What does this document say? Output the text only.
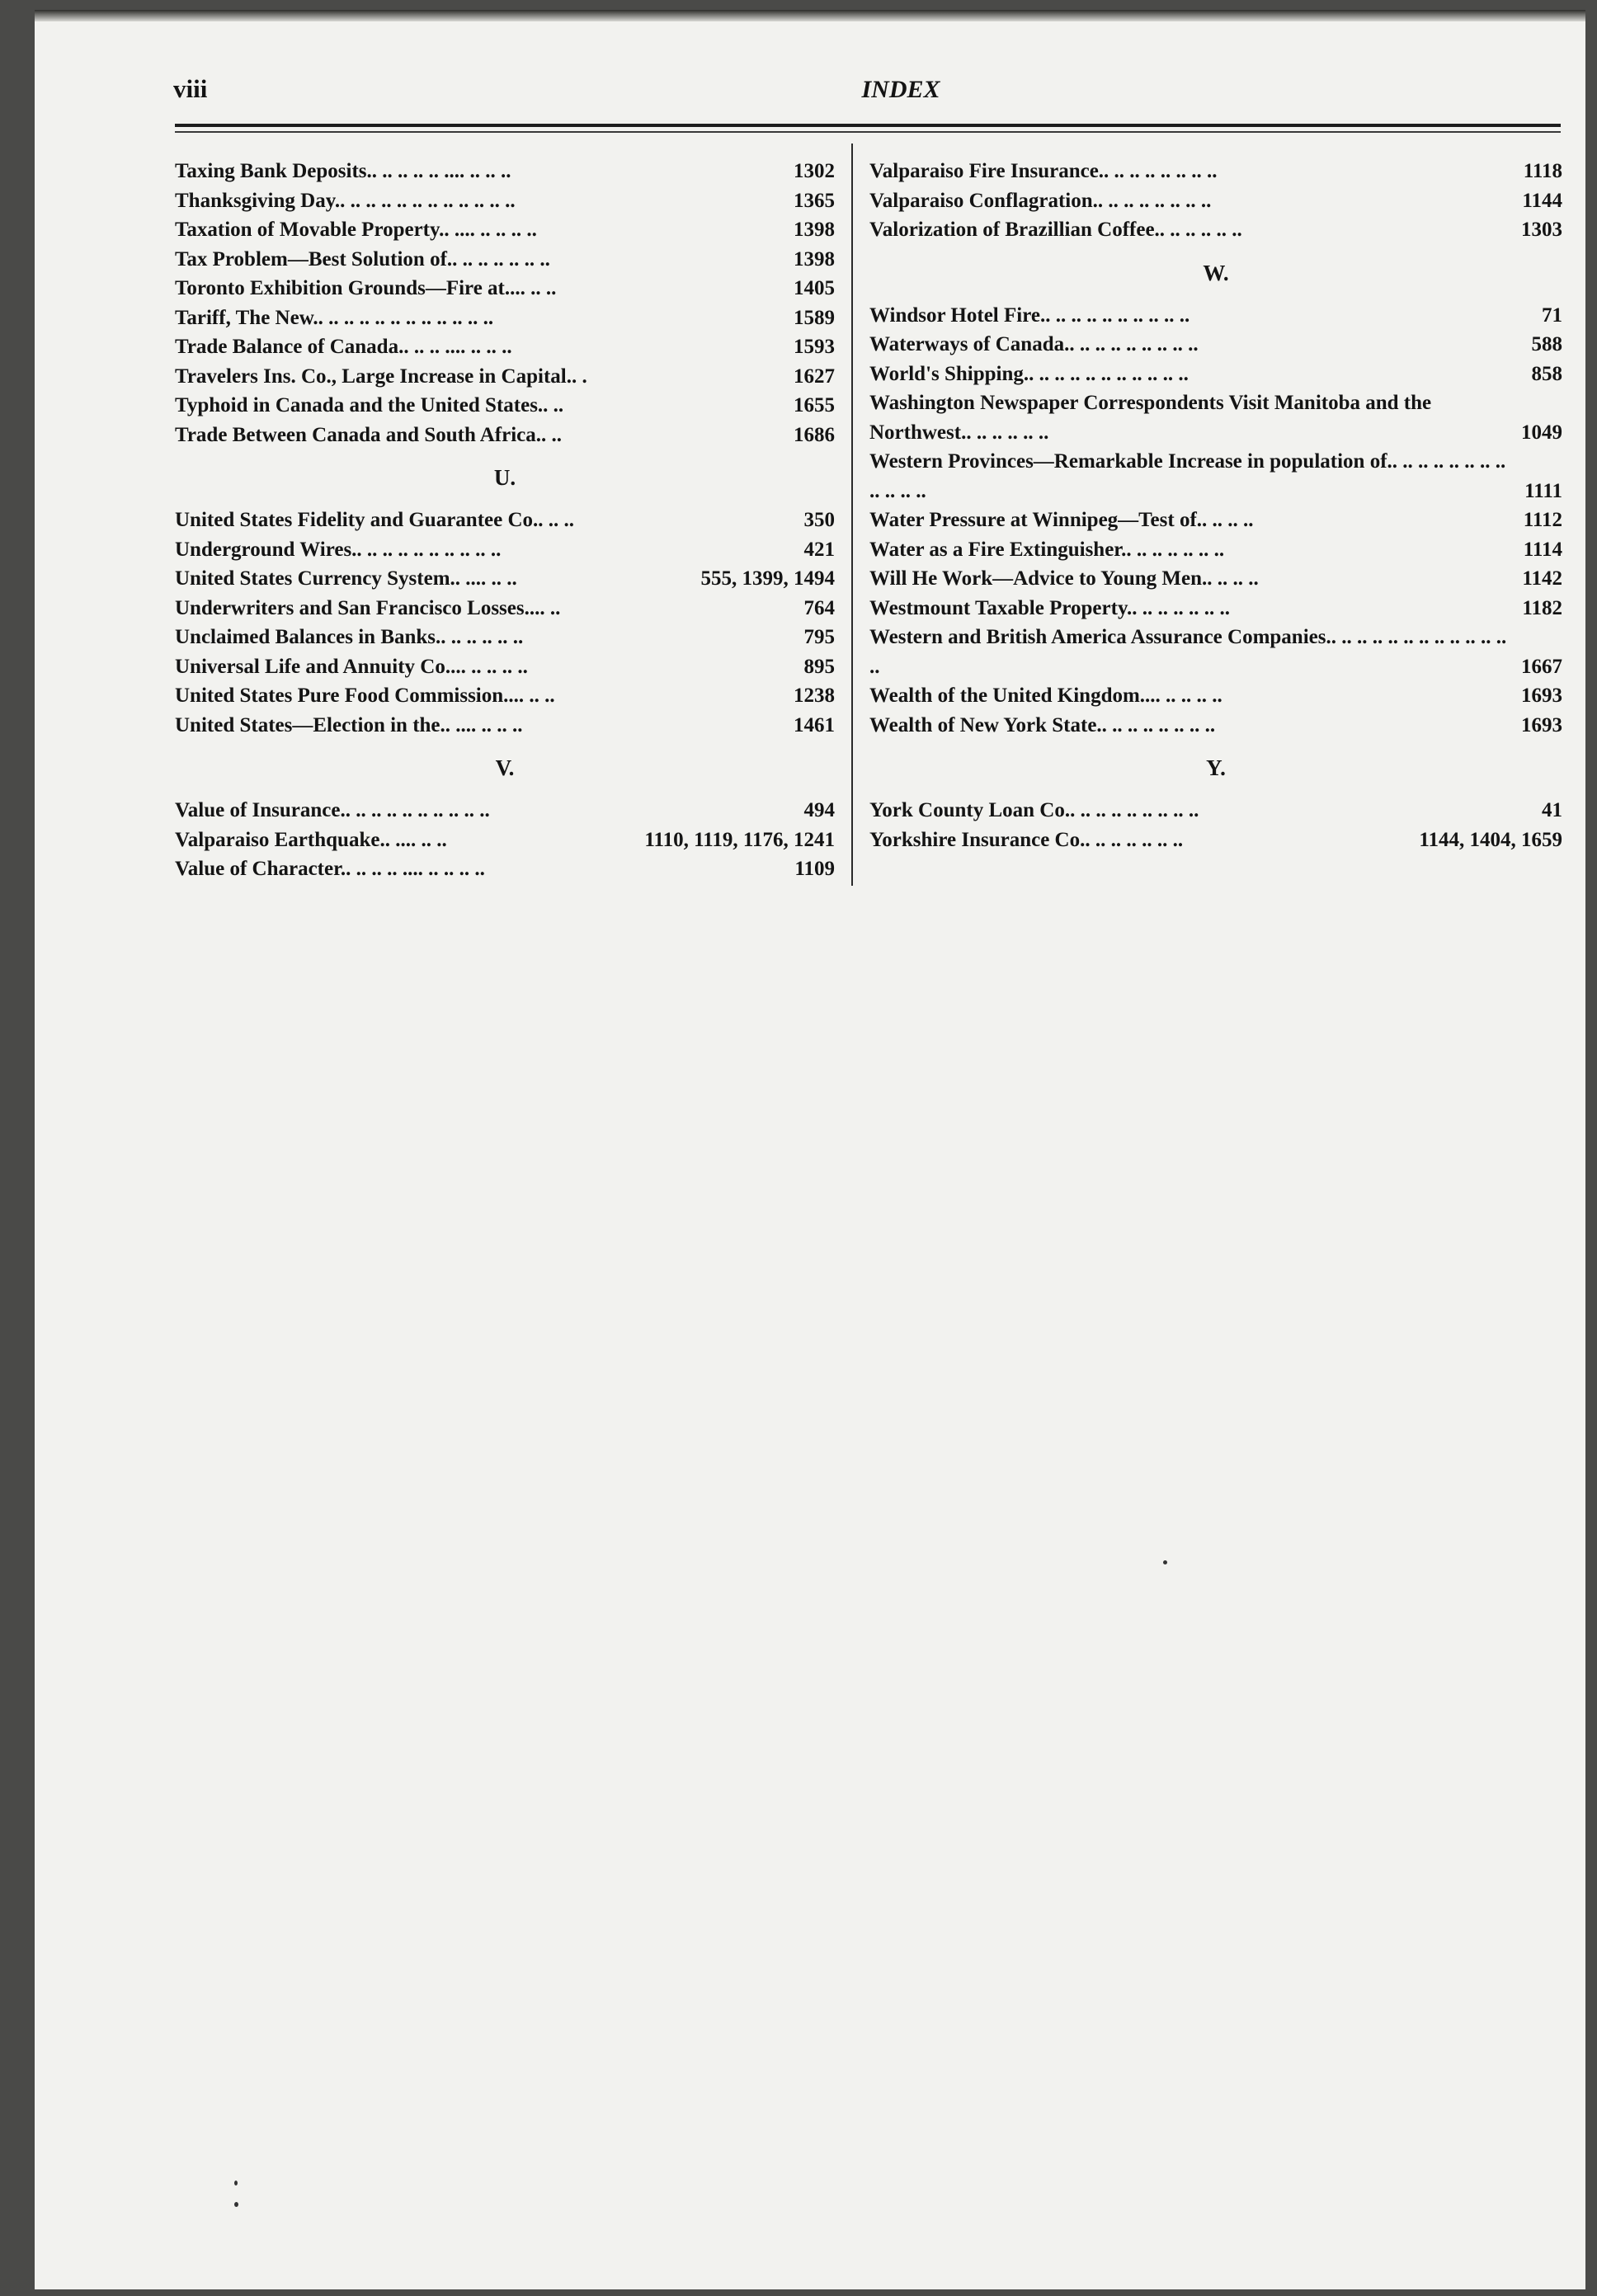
viii	INDEX
Taxing Bank Deposits.. .. .. .. .. .... .. .. ..	1302
Thanksgiving Day.. .. .. .. .. .. .. .. .. .. .. ..	1365
Taxation of Movable Property.. .... .. .. .. ..	1398
Tax Problem—Best Solution of.. .. .. .. .. .. ..	1398
Toronto Exhibition Grounds—Fire at.... .. ..	1405
Tariff, The New.. .. .. .. .. .. .. .. .. .. .. ..	1589
Trade Balance of Canada.. .. .. .... .. .. ..	1593
Travelers Ins. Co., Large Increase in Capital.. .	1627
Typhoid in Canada and the United States.. ..	1655
Trade Between Canada and South Africa.. ..	1686
U.
United States Fidelity and Guarantee Co.. .. ..	350
Underground Wires.. .. .. .. .. .. .. .. .. ..	421
United States Currency System.. .... .. ..	555, 1399, 1494
Underwriters and San Francisco Losses.... ..	764
Unclaimed Balances in Banks.. .. .. .. .. ..	795
Universal Life and Annuity Co.... .. .. .. ..	895
United States Pure Food Commission.... .. ..	1238
United States—Election in the.. .... .. .. ..	1461
V.
Value of Insurance.. .. .. .. .. .. .. .. .. ..	494
Valparaiso Earthquake.. .... .. ..	1110, 1119, 1176, 1241
Value of Character.. .. .. .. .... .. .. .. ..	1109
Valparaiso Fire Insurance.. .. .. .. .. .. .. ..	1118
Valparaiso Conflagration.. .. .. .. .. .. .. ..	1144
Valorization of Brazillian Coffee.. .. .. .. .. ..	1303
W.
Windsor Hotel Fire.. .. .. .. .. .. .. .. .. ..	71
Waterways of Canada.. .. .. .. .. .. .. .. ..	588
World's Shipping.. .. .. .. .. .. .. .. .. .. ..	858
Washington Newspaper Correspondents Visit Manitoba and the Northwest.. .. .. .. .. ..	1049
Western Provinces—Remarkable Increase in population of.. .. .. .. .. .. .. .. .. .. .. ..	1111
Water Pressure at Winnipeg—Test of.. .. .. ..	1112
Water as a Fire Extinguisher.. .. .. .. .. .. ..	1114
Will He Work—Advice to Young Men.. .. .. ..	1142
Westmount Taxable Property.. .. .. .. .. .. ..	1182
Western and British America Assurance Companies.. .. .. .. .. .. .. .. .. .. .. .. ..	1667
Wealth of the United Kingdom.... .. .. .. ..	1693
Wealth of New York State.. .. .. .. .. .. .. ..	1693
Y.
York County Loan Co.. .. .. .. .. .. .. .. ..	41
Yorkshire Insurance Co.. .. .. .. .. .. ..	1144, 1404, 1659
